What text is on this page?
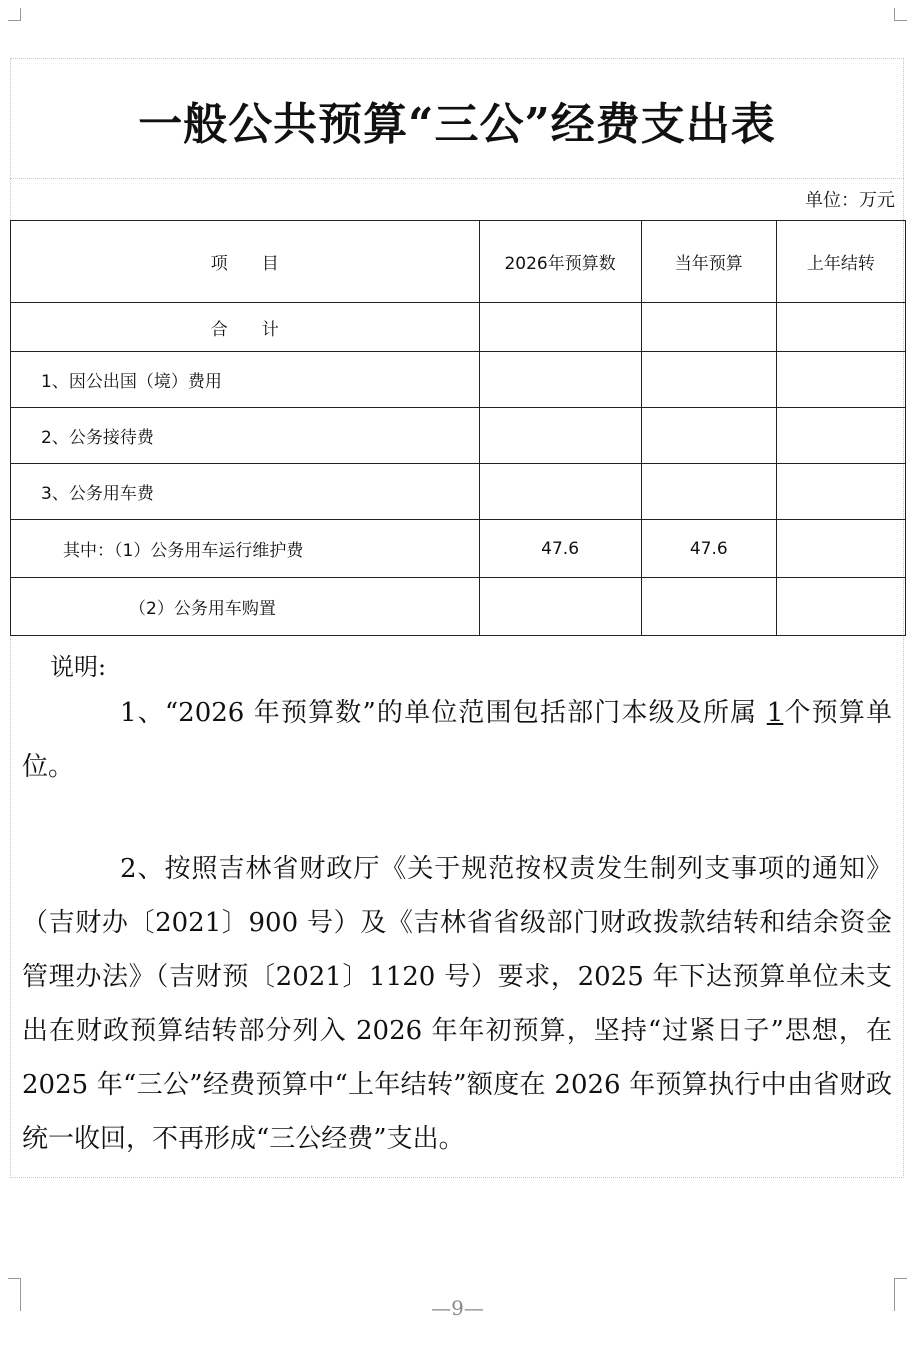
一般公共预算“三公”经费支出表
单位：万元
项　　目	2026年预算数	当年预算	上年结转
合　　计			
1、因公出国（境）费用			
2、公务接待费			
3、公务用车费			
其中：（1）公务用车运行维护费	47.6	47.6	
（2）公务用车购置			
说明:

1、“2026 年预算数”的单位范围包括部门本级及所属 1个预算单位。

2、按照吉林省财政厅《关于规范按权责发生制列支事项的通知》（吉财办〔2021〕900 号）及《吉林省省级部门财政拨款结转和结余资金管理办法》（吉财预〔2021〕1120 号）要求，2025 年下达预算单位未支出在财政预算结转部分列入 2026 年年初预算，坚持“过紧日子”思想，在 2025 年“三公”经费预算中“上年结转”额度在 2026 年预算执行中由省财政统一收回，不再形成“三公经费”支出。

—9—
